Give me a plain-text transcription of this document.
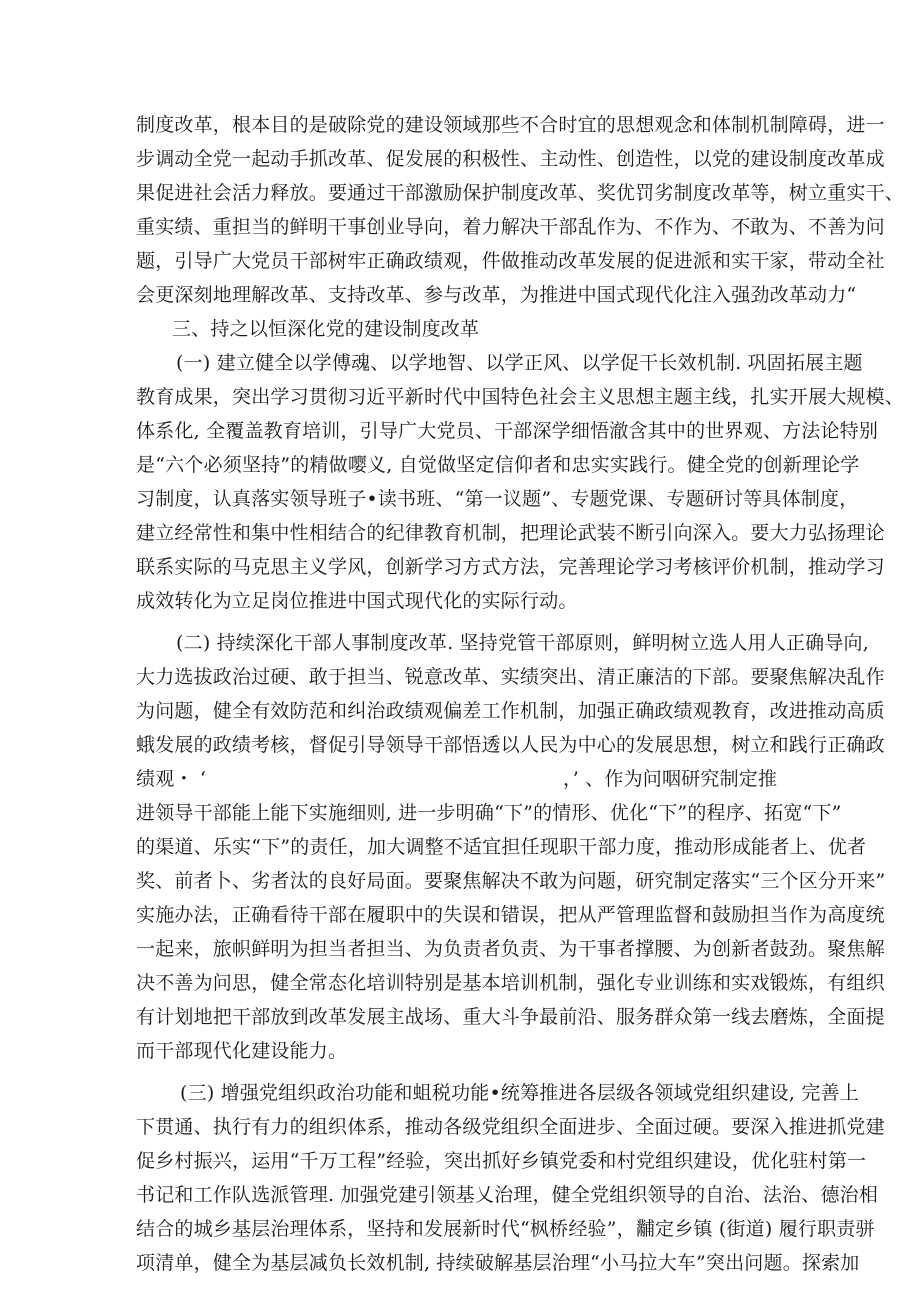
制度改革，根本目的是破除党的建设领域那些不合时宜的思想观念和体制机制障碍，进一
步调动全党一起动手抓改革、促发展的积极性、主动性、创造性，以党的建设制度改革成
果促进社会活力释放。要通过干部激励保护制度改革、奖优罚劣制度改革等，树立重实干、
重实绩、重担当的鲜明干事创业导向，着力解决干部乱作为、不作为、不敢为、不善为问
题，引导广大党员干部树牢正确政绩观，件做推动改革发展的促进派和实干家，带动全社
会更深刻地理解改革、支持改革、参与改革，为推进中国式现代化注入强劲改革动力“
三、持之以恒深化党的建设制度改革
(一) 建立健全以学傅魂、以学地智、以学正风、以学促干长效机制. 巩固拓展主题
教育成果，突出学习贯彻习近平新时代中国特色社会主义思想主题主线，扎实开展大规模、
体系化, 全覆盖教育培训，引导广大党员、干部深学细悟澈含其中的世界观、方法论特别
是“六个必须坚持”的精做嘤义, 自觉做坚定信仰者和忠实实践行。健全党的创新理论学
习制度，认真落实领导班子•读书班、“第一议题”、专题党课、专题研讨等具体制度，
建立经常性和集中性相结合的纪律教育机制，把理论武装不断引向深入。要大力弘扬理论
联系实际的马克思主义学风，创新学习方式方法，完善理论学习考核评价机制，推动学习
成效转化为立足岗位推进中国式现代化的实际行动。
(二) 持续深化干部人事制度改革. 坚持党管干部原则，鲜明树立选人用人正确导向,
大力选拔政治过硬、敢于担当、锐意改革、实绩突出、清正廉洁的下部。要聚焦解决乱作
为问题，健全有效防范和纠治政绩观偏差工作机制，加强正确政绩观教育，改进推动高质
蛾发展的政绩考核，督促引导领导干部悟透以人民为中心的发展思想，树立和践行正确政
绩观・ ‘	，’ 、作为问咽研究制定推
进领导干部能上能下实施细则, 进一步明确“下”的情形、优化“下”的程序、拓宽“下”
的渠道、乐实“下”的责任，加大调整不适宜担任现职干部力度，推动形成能者上、优者
奖、前者卜、劣者汰的良好局面。要聚焦解决不敢为问题，研究制定落实“三个区分开来”
实施办法，正确看待干部在履职中的失误和错误，把从严管理监督和鼓励担当作为高度统
一起来，旅帜鲜明为担当者担当、为负责者负责、为干事者撑腰、为创新者鼓劲。聚焦解
决不善为问思，健全常态化培训特别是基本培训机制，强化专业训练和实戏锻炼，有组织
有计划地把干部放到改革发展主战场、重大斗争最前沿、服务群众第一线去磨炼，全面提
而干部现代化建设能力。
(三) 增强党组织政治功能和蛆税功能•统筹推进各层级各领域党组织建设, 完善上
下贯通、执行有力的组织体系，推动各级党组织全面进步、全面过硬。要深入推进抓党建
促乡村振兴，运用“千万工程”经验，突出抓好乡镇党委和村党组织建设，优化驻村第一
书记和工作队选派管理. 加强党建引领基乂治理，健全党组织领导的自治、法治、德治相
结合的城乡基层治理体系，坚持和发展新时代“枫桥经验”，黼定乡镇 (街道) 履行职责骈
项清单，健全为基层减负长效机制, 持续破解基层治理“小马拉大车”突出问题。探索加
